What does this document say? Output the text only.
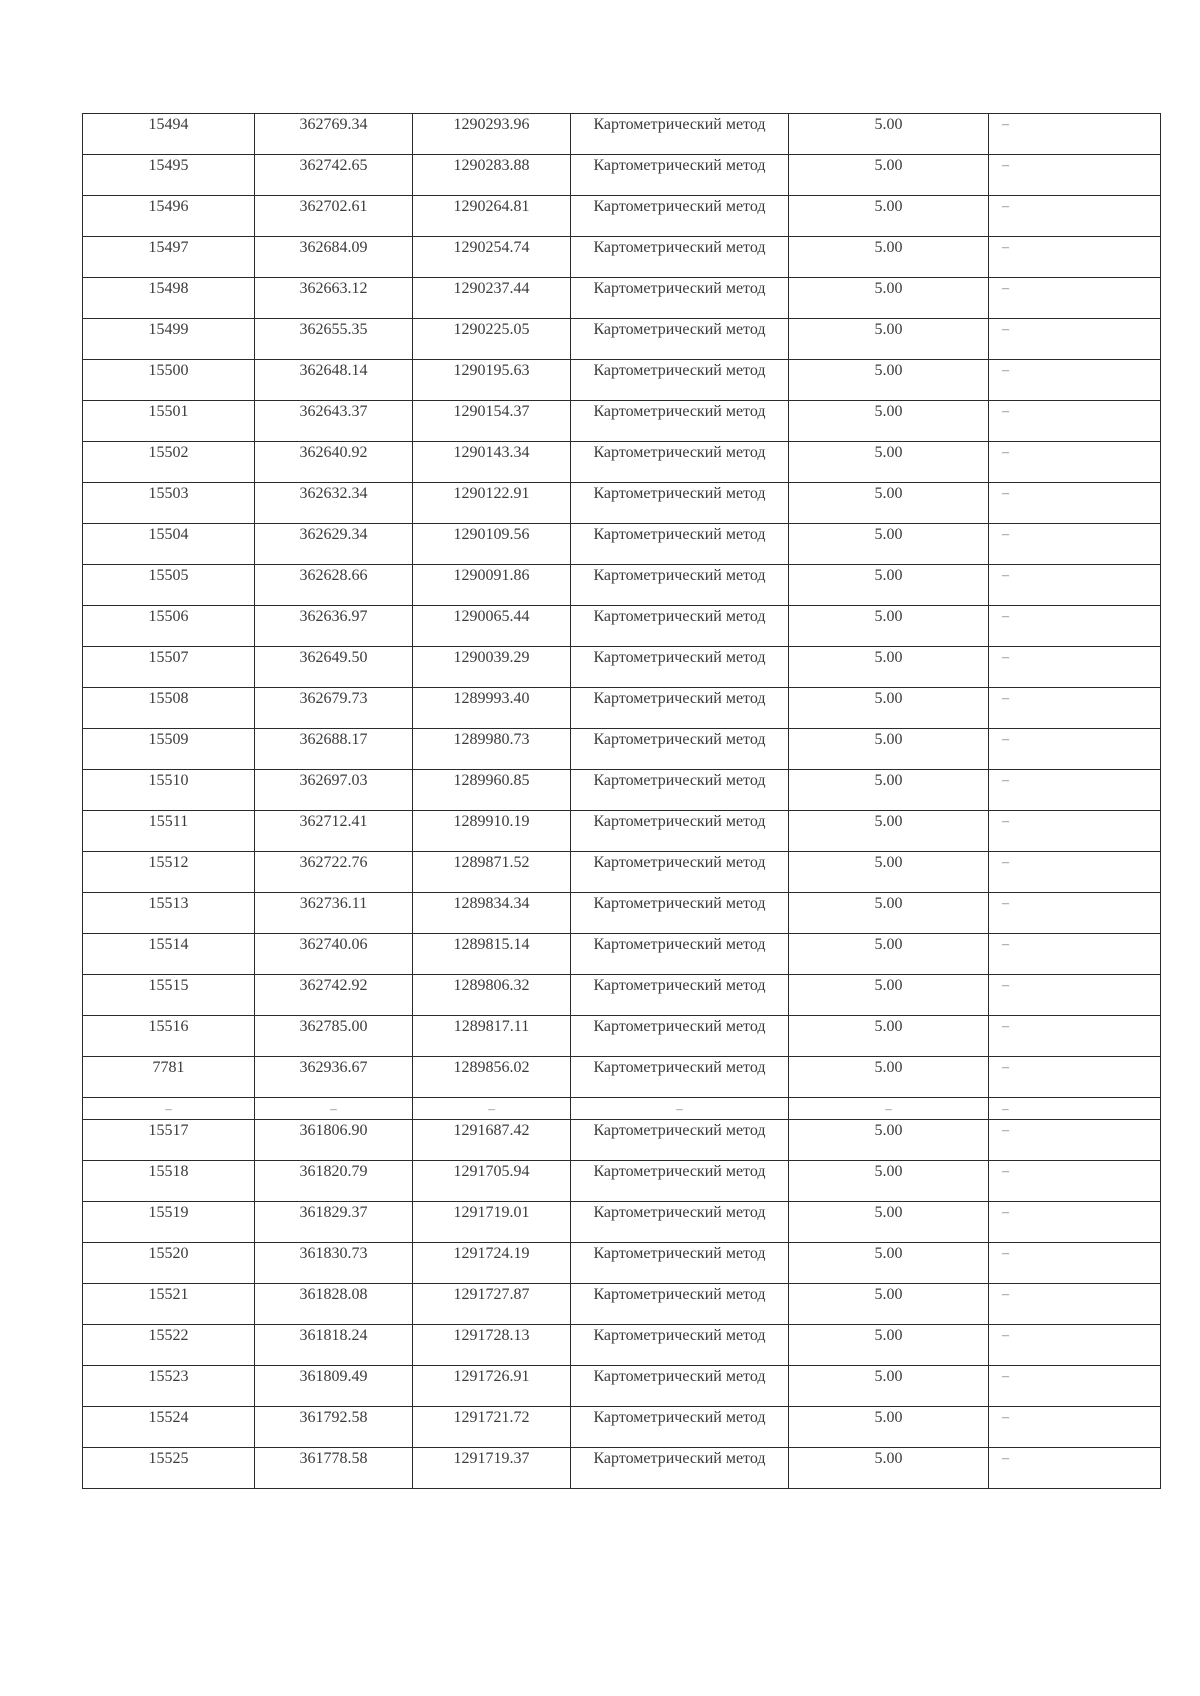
15494	362769.34	1290293.96	Картометрический метод	5.00	–

15495	362742.65	1290283.88	Картометрический метод	5.00	–

15496	362702.61	1290264.81	Картометрический метод	5.00	–

15497	362684.09	1290254.74	Картометрический метод	5.00	–

15498	362663.12	1290237.44	Картометрический метод	5.00	–

15499	362655.35	1290225.05	Картометрический метод	5.00	–

15500	362648.14	1290195.63	Картометрический метод	5.00	–

15501	362643.37	1290154.37	Картометрический метод	5.00	–

15502	362640.92	1290143.34	Картометрический метод	5.00	–

15503	362632.34	1290122.91	Картометрический метод	5.00	–

15504	362629.34	1290109.56	Картометрический метод	5.00	–

15505	362628.66	1290091.86	Картометрический метод	5.00	–

15506	362636.97	1290065.44	Картометрический метод	5.00	–

15507	362649.50	1290039.29	Картометрический метод	5.00	–

15508	362679.73	1289993.40	Картометрический метод	5.00	–

15509	362688.17	1289980.73	Картометрический метод	5.00	–

15510	362697.03	1289960.85	Картометрический метод	5.00	–

15511	362712.41	1289910.19	Картометрический метод	5.00	–

15512	362722.76	1289871.52	Картометрический метод	5.00	–

15513	362736.11	1289834.34	Картометрический метод	5.00	–

15514	362740.06	1289815.14	Картометрический метод	5.00	–

15515	362742.92	1289806.32	Картометрический метод	5.00	–

15516	362785.00	1289817.11	Картометрический метод	5.00	–

7781	362936.67	1289856.02	Картометрический метод	5.00	–

–	–	–	–	–	–

15517	361806.90	1291687.42	Картометрический метод	5.00	–

15518	361820.79	1291705.94	Картометрический метод	5.00	–

15519	361829.37	1291719.01	Картометрический метод	5.00	–

15520	361830.73	1291724.19	Картометрический метод	5.00	–

15521	361828.08	1291727.87	Картометрический метод	5.00	–

15522	361818.24	1291728.13	Картометрический метод	5.00	–

15523	361809.49	1291726.91	Картометрический метод	5.00	–

15524	361792.58	1291721.72	Картометрический метод	5.00	–

15525	361778.58	1291719.37	Картометрический метод	5.00	–
